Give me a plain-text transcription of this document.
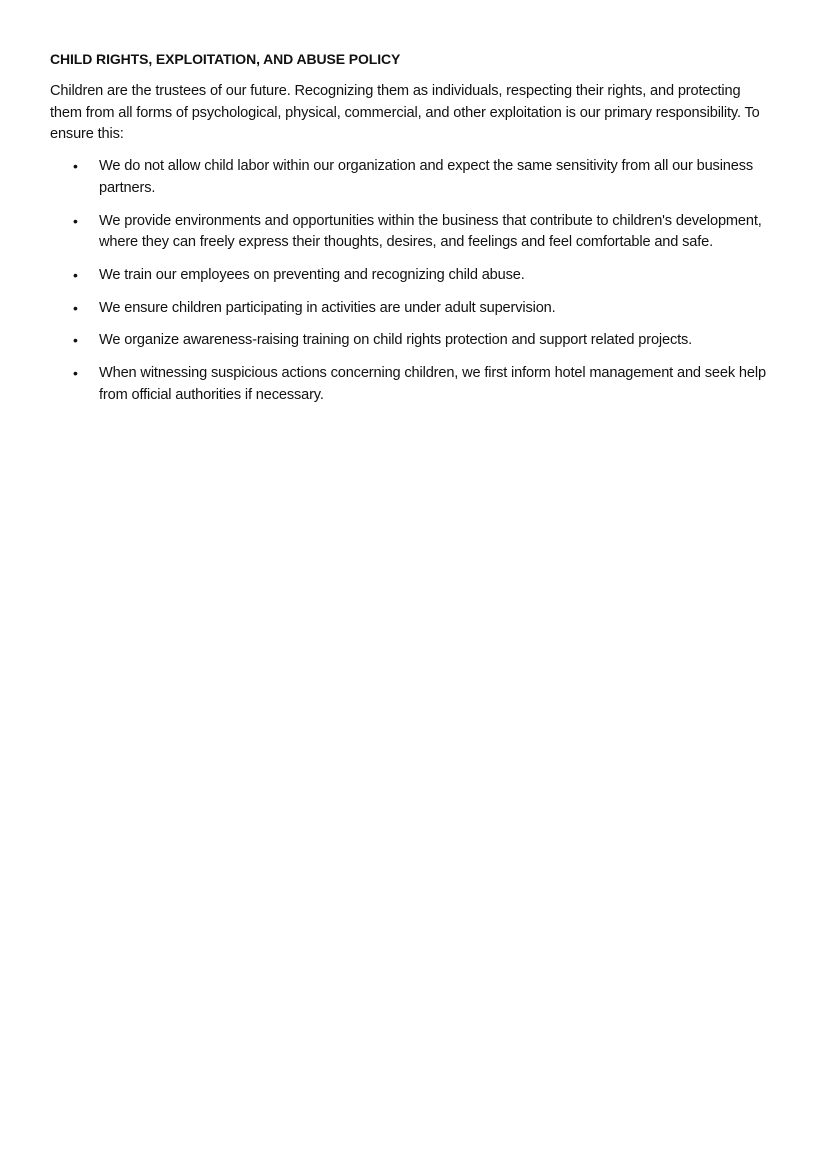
CHILD RIGHTS, EXPLOITATION, AND ABUSE POLICY

Children are the trustees of our future. Recognizing them as individuals, respecting their rights, and protecting them from all forms of psychological, physical, commercial, and other exploitation is our primary responsibility. To ensure this:

• We do not allow child labor within our organization and expect the same sensitivity from all our business partners.
• We provide environments and opportunities within the business that contribute to children's development, where they can freely express their thoughts, desires, and feelings and feel comfortable and safe.
• We train our employees on preventing and recognizing child abuse.
• We ensure children participating in activities are under adult supervision.
• We organize awareness-raising training on child rights protection and support related projects.
• When witnessing suspicious actions concerning children, we first inform hotel management and seek help from official authorities if necessary.
